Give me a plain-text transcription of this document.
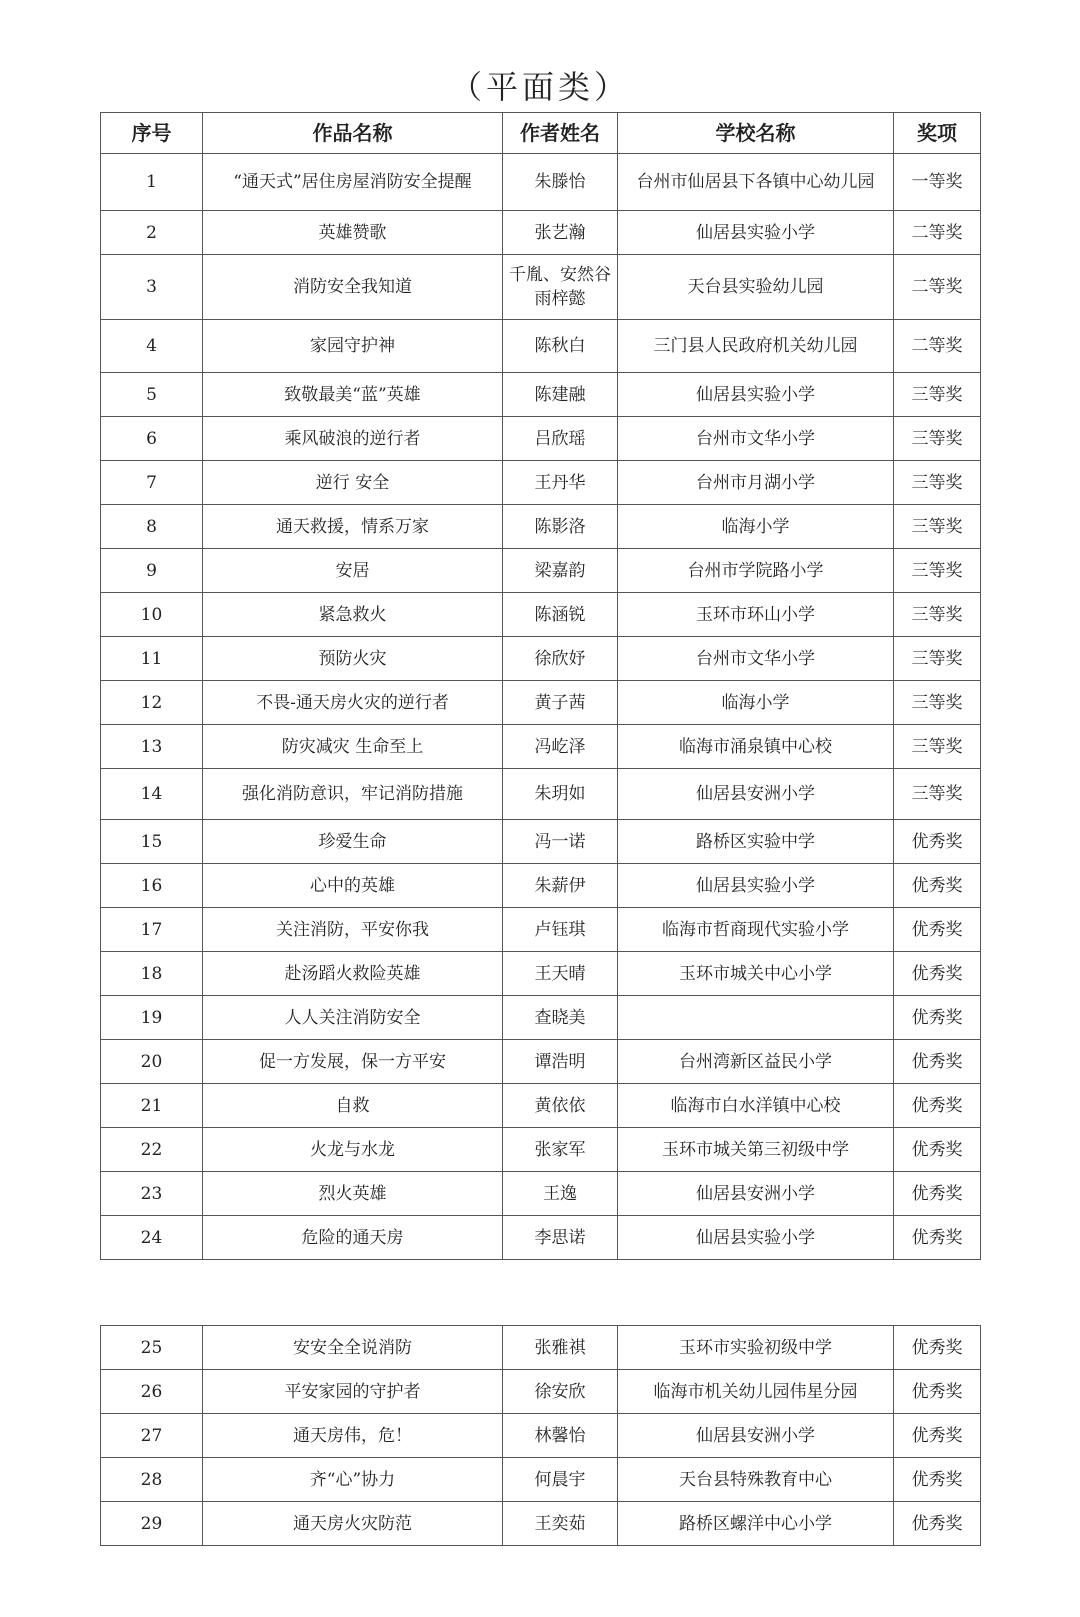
（平面类）
序号	作品名称	作者姓名	学校名称	奖项
1	“通天式”居住房屋消防安全提醒	朱滕怡	台州市仙居县下各镇中心幼儿园	一等奖
2	英雄赞歌	张艺瀚	仙居县实验小学	二等奖
3	消防安全我知道	千胤、安然谷雨梓懿	天台县实验幼儿园	二等奖
4	家园守护神	陈秋白	三门县人民政府机关幼儿园	二等奖
5	致敬最美“蓝”英雄	陈建融	仙居县实验小学	三等奖
6	乘风破浪的逆行者	吕欣瑶	台州市文华小学	三等奖
7	逆行 安全	王丹华	台州市月湖小学	三等奖
8	通天救援，情系万家	陈影洛	临海小学	三等奖
9	安居	梁嘉韵	台州市学院路小学	三等奖
10	紧急救火	陈涵锐	玉环市环山小学	三等奖
11	预防火灾	徐欣妤	台州市文华小学	三等奖
12	不畏-通天房火灾的逆行者	黄子茜	临海小学	三等奖
13	防灾减灾 生命至上	冯屹泽	临海市涌泉镇中心校	三等奖
14	强化消防意识，牢记消防措施	朱玥如	仙居县安洲小学	三等奖
15	珍爱生命	冯一诺	路桥区实验中学	优秀奖
16	心中的英雄	朱薪伊	仙居县实验小学	优秀奖
17	关注消防，平安你我	卢钰琪	临海市哲商现代实验小学	优秀奖
18	赴汤蹈火救险英雄	王天晴	玉环市城关中心小学	优秀奖
19	人人关注消防安全	查晓美		优秀奖
20	促一方发展，保一方平安	谭浩明	台州湾新区益民小学	优秀奖
21	自救	黄依依	临海市白水洋镇中心校	优秀奖
22	火龙与水龙	张家军	玉环市城关第三初级中学	优秀奖
23	烈火英雄	王逸	仙居县安洲小学	优秀奖
24	危险的通天房	李思诺	仙居县实验小学	优秀奖
25	安安全全说消防	张雅祺	玉环市实验初级中学	优秀奖
26	平安家园的守护者	徐安欣	临海市机关幼儿园伟星分园	优秀奖
27	通天房伟，危！	林馨怡	仙居县安洲小学	优秀奖
28	齐“心”协力	何晨宇	天台县特殊教育中心	优秀奖
29	通天房火灾防范	王奕茹	路桥区螺洋中心小学	优秀奖
